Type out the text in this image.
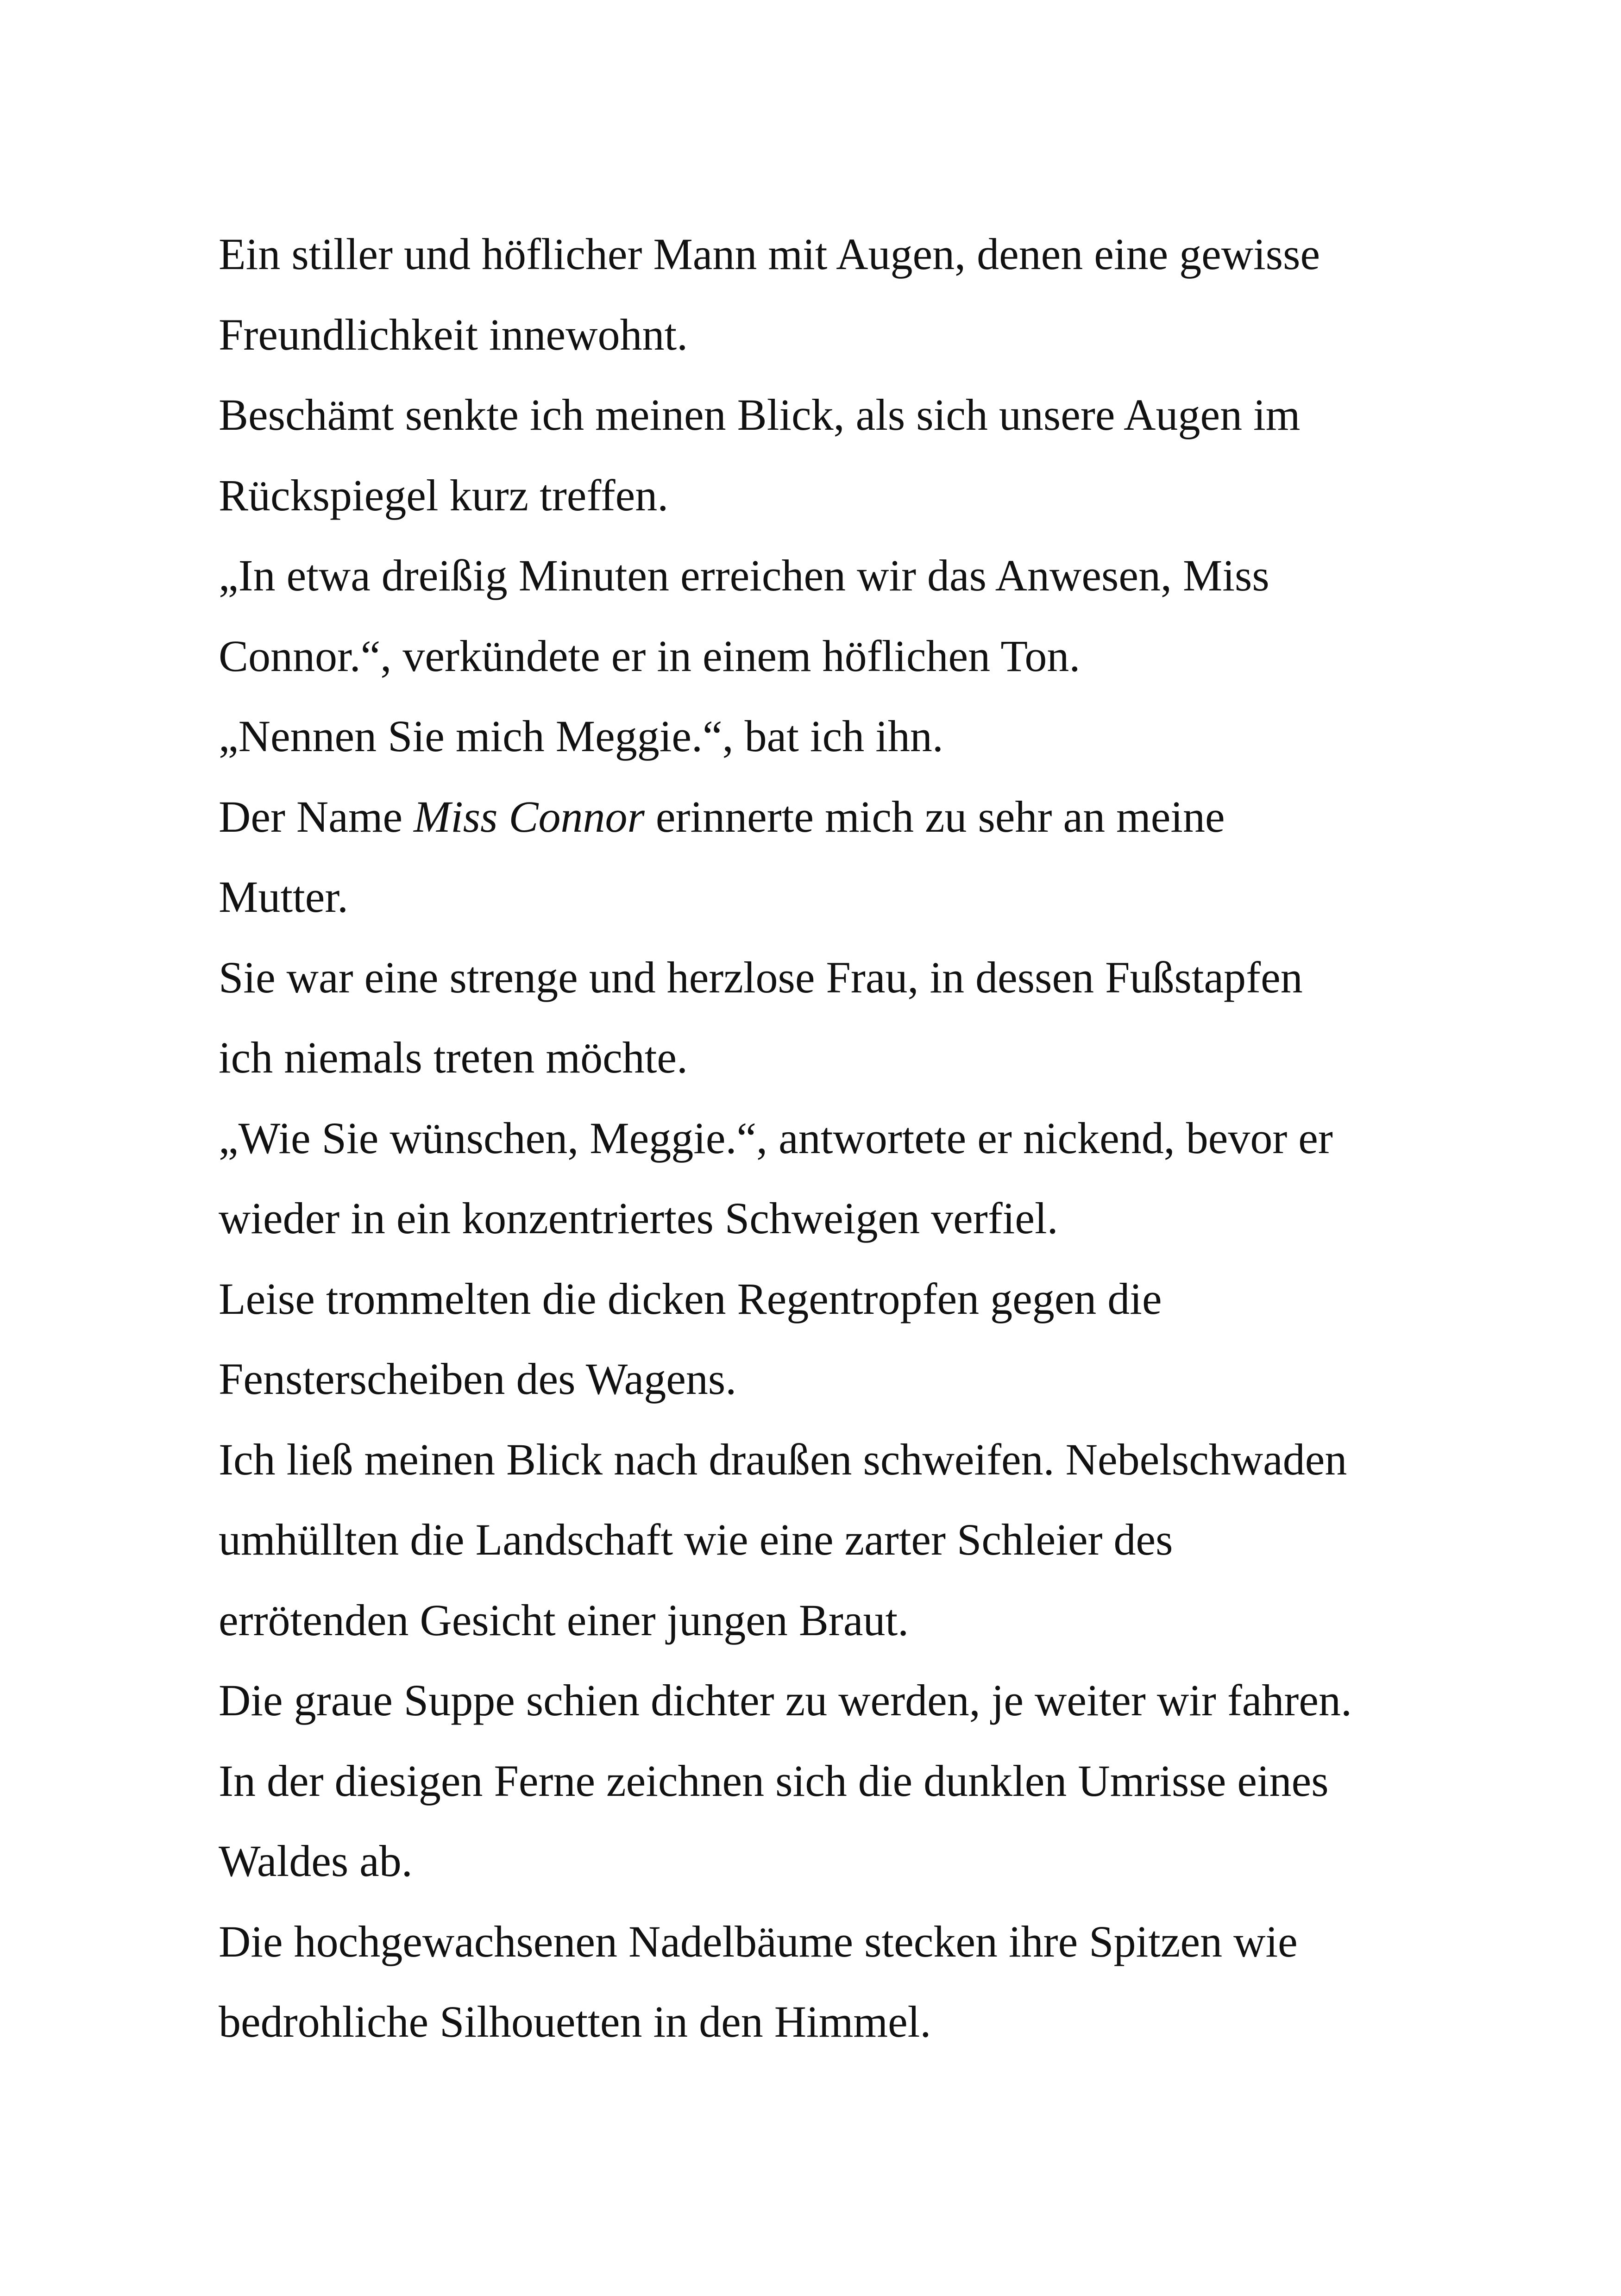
Ein stiller und höflicher Mann mit Augen, denen eine gewisse
Freundlichkeit innewohnt.
Beschämt senkte ich meinen Blick, als sich unsere Augen im
Rückspiegel kurz treffen.
„In etwa dreißig Minuten erreichen wir das Anwesen, Miss
Connor.“, verkündete er in einem höflichen Ton.
„Nennen Sie mich Meggie.“, bat ich ihn.
Der Name Miss Connor erinnerte mich zu sehr an meine
Mutter.
Sie war eine strenge und herzlose Frau, in dessen Fußstapfen
ich niemals treten möchte.
„Wie Sie wünschen, Meggie.“, antwortete er nickend, bevor er
wieder in ein konzentriertes Schweigen verfiel.
Leise trommelten die dicken Regentropfen gegen die
Fensterscheiben des Wagens.
Ich ließ meinen Blick nach draußen schweifen. Nebelschwaden
umhüllten die Landschaft wie eine zarter Schleier des
errötenden Gesicht einer jungen Braut.
Die graue Suppe schien dichter zu werden, je weiter wir fahren.
In der diesigen Ferne zeichnen sich die dunklen Umrisse eines
Waldes ab.
Die hochgewachsenen Nadelbäume stecken ihre Spitzen wie
bedrohliche Silhouetten in den Himmel.
